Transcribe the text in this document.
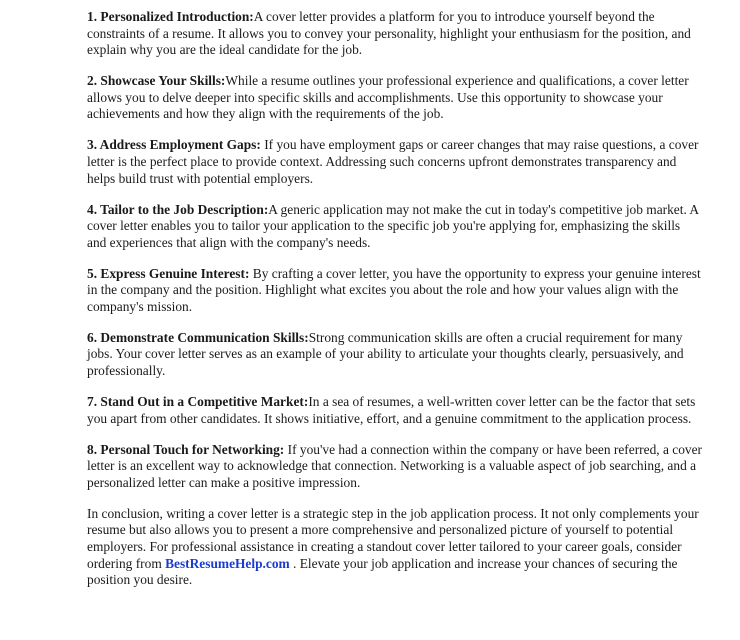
1. Personalized Introduction:A cover letter provides a platform for you to introduce yourself beyond the constraints of a resume. It allows you to convey your personality, highlight your enthusiasm for the position, and explain why you are the ideal candidate for the job.

2. Showcase Your Skills:While a resume outlines your professional experience and qualifications, a cover letter allows you to delve deeper into specific skills and accomplishments. Use this opportunity to showcase your achievements and how they align with the requirements of the job.

3. Address Employment Gaps: If you have employment gaps or career changes that may raise questions, a cover letter is the perfect place to provide context. Addressing such concerns upfront demonstrates transparency and helps build trust with potential employers.

4. Tailor to the Job Description:A generic application may not make the cut in today's competitive job market. A cover letter enables you to tailor your application to the specific job you're applying for, emphasizing the skills and experiences that align with the company's needs.

5. Express Genuine Interest: By crafting a cover letter, you have the opportunity to express your genuine interest in the company and the position. Highlight what excites you about the role and how your values align with the company's mission.

6. Demonstrate Communication Skills:Strong communication skills are often a crucial requirement for many jobs. Your cover letter serves as an example of your ability to articulate your thoughts clearly, persuasively, and professionally.

7. Stand Out in a Competitive Market:In a sea of resumes, a well-written cover letter can be the factor that sets you apart from other candidates. It shows initiative, effort, and a genuine commitment to the application process.

8. Personal Touch for Networking: If you've had a connection within the company or have been referred, a cover letter is an excellent way to acknowledge that connection. Networking is a valuable aspect of job searching, and a personalized letter can make a positive impression.

In conclusion, writing a cover letter is a strategic step in the job application process. It not only complements your resume but also allows you to present a more comprehensive and personalized picture of yourself to potential employers. For professional assistance in creating a standout cover letter tailored to your career goals, consider ordering from BestResumeHelp.com . Elevate your job application and increase your chances of securing the position you desire.
